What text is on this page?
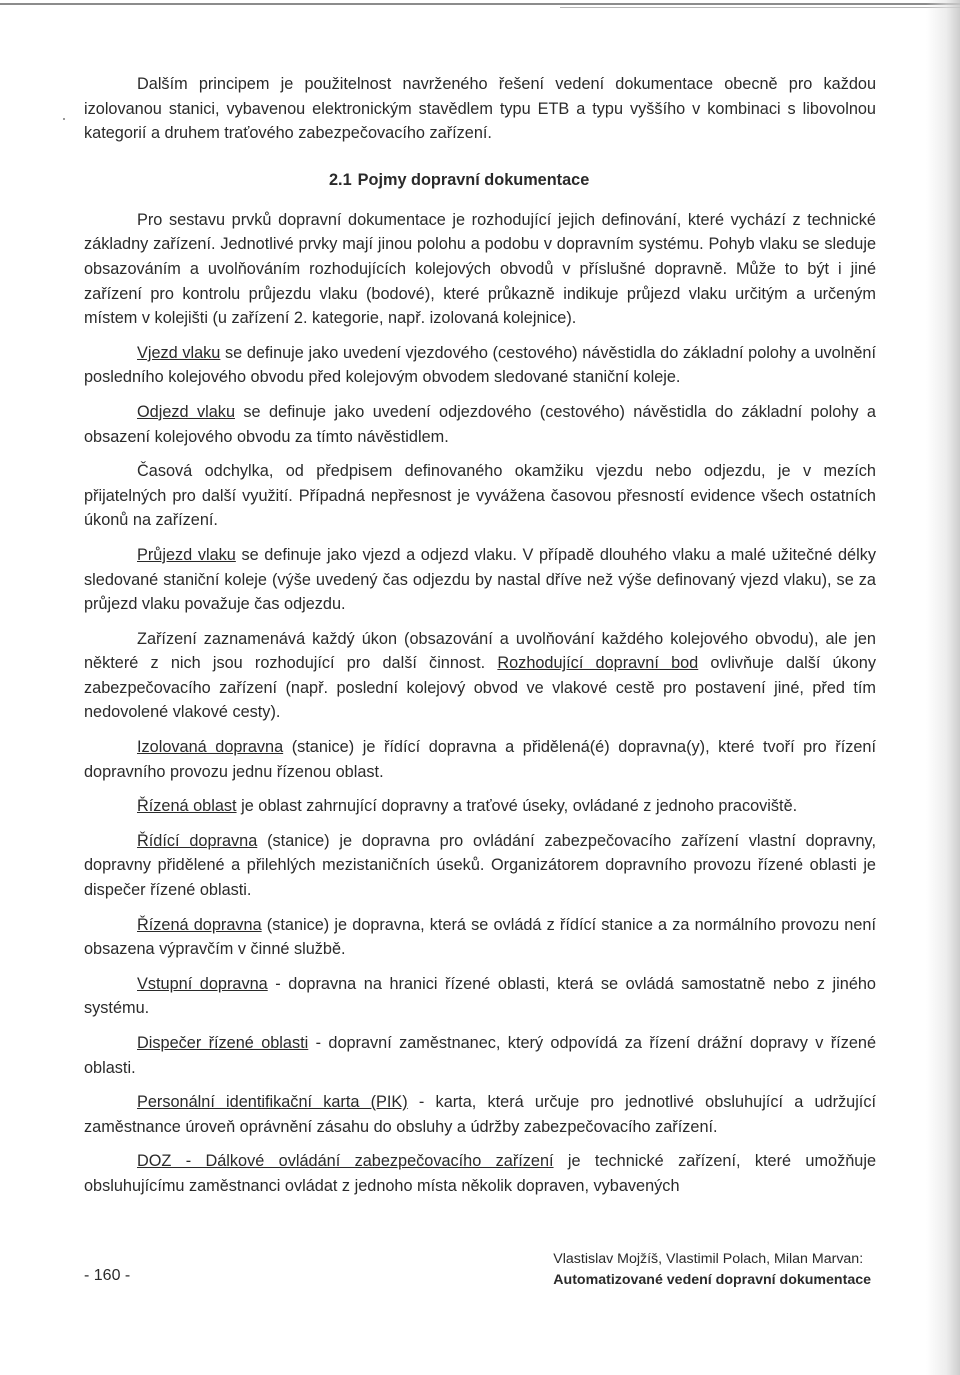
Dalším principem je použitelnost navrženého řešení vedení dokumentace obecně pro každou izolovanou stanici, vybavenou elektronickým stavědlem typu ETB a typu vyššího v kombinaci s libovolnou kategorií a druhem traťového zabezpečovacího zařízení.

2.1 Pojmy dopravní dokumentace

Pro sestavu prvků dopravní dokumentace je rozhodující jejich definování, které vychází z technické základny zařízení. Jednotlivé prvky mají jinou polohu a podobu v dopravním systému. Pohyb vlaku se sleduje obsazováním a uvolňováním rozhodujících kolejových obvodů v příslušné dopravně. Může to být i jiné zařízení pro kontrolu průjezdu vlaku (bodové), které průkazně indikuje průjezd vlaku určitým a určeným místem v kolejišti (u zařízení 2. kategorie, např. izolovaná kolejnice).

Vjezd vlaku se definuje jako uvedení vjezdového (cestového) návěstidla do základní polohy a uvolnění posledního kolejového obvodu před kolejovým obvodem sledované staniční koleje.

Odjezd vlaku se definuje jako uvedení odjezdového (cestového) návěstidla do základní polohy a obsazení kolejového obvodu za tímto návěstidlem.

Časová odchylka, od předpisem definovaného okamžiku vjezdu nebo odjezdu, je v mezích přijatelných pro další využití. Případná nepřesnost je vyvážena časovou přesností evidence všech ostatních úkonů na zařízení.

Průjezd vlaku se definuje jako vjezd a odjezd vlaku. V případě dlouhého vlaku a malé užitečné délky sledované staniční koleje (výše uvedený čas odjezdu by nastal dříve než výše definovaný vjezd vlaku), se za průjezd vlaku považuje čas odjezdu.

Zařízení zaznamenává každý úkon (obsazování a uvolňování každého kolejového obvodu), ale jen některé z nich jsou rozhodující pro další činnost. Rozhodující dopravní bod ovlivňuje další úkony zabezpečovacího zařízení (např. poslední kolejový obvod ve vlakové cestě pro postavení jiné, před tím nedovolené vlakové cesty).

Izolovaná dopravna (stanice) je řídící dopravna a přidělená(é) dopravna(y), které tvoří pro řízení dopravního provozu jednu řízenou oblast.

Řízená oblast je oblast zahrnující dopravny a traťové úseky, ovládané z jednoho pracoviště.

Řídící dopravna (stanice) je dopravna pro ovládání zabezpečovacího zařízení vlastní dopravny, dopravny přidělené a přilehlých mezistaničních úseků. Organizátorem dopravního provozu řízené oblasti je dispečer řízené oblasti.

Řízená dopravna (stanice) je dopravna, která se ovládá z řídící stanice a za normálního provozu není obsazena výpravčím v činné službě.

Vstupní dopravna - dopravna na hranici řízené oblasti, která se ovládá samostatně nebo z jiného systému.

Dispečer řízené oblasti - dopravní zaměstnanec, který odpovídá za řízení drážní dopravy v řízené oblasti.

Personální identifikační karta (PIK) - karta, která určuje pro jednotlivé obsluhující a udržující zaměstnance úroveň oprávnění zásahu do obsluhy a údržby zabezpečovacího zařízení.

DOZ - Dálkové ovládání zabezpečovacího zařízení je technické zařízení, které umožňuje obsluhujícímu zaměstnanci ovládat z jednoho místa několik dopraven, vybavených

- 160 -
Vlastislav Mojžíš, Vlastimil Polach, Milan Marvan:
Automatizované vedení dopravní dokumentace
